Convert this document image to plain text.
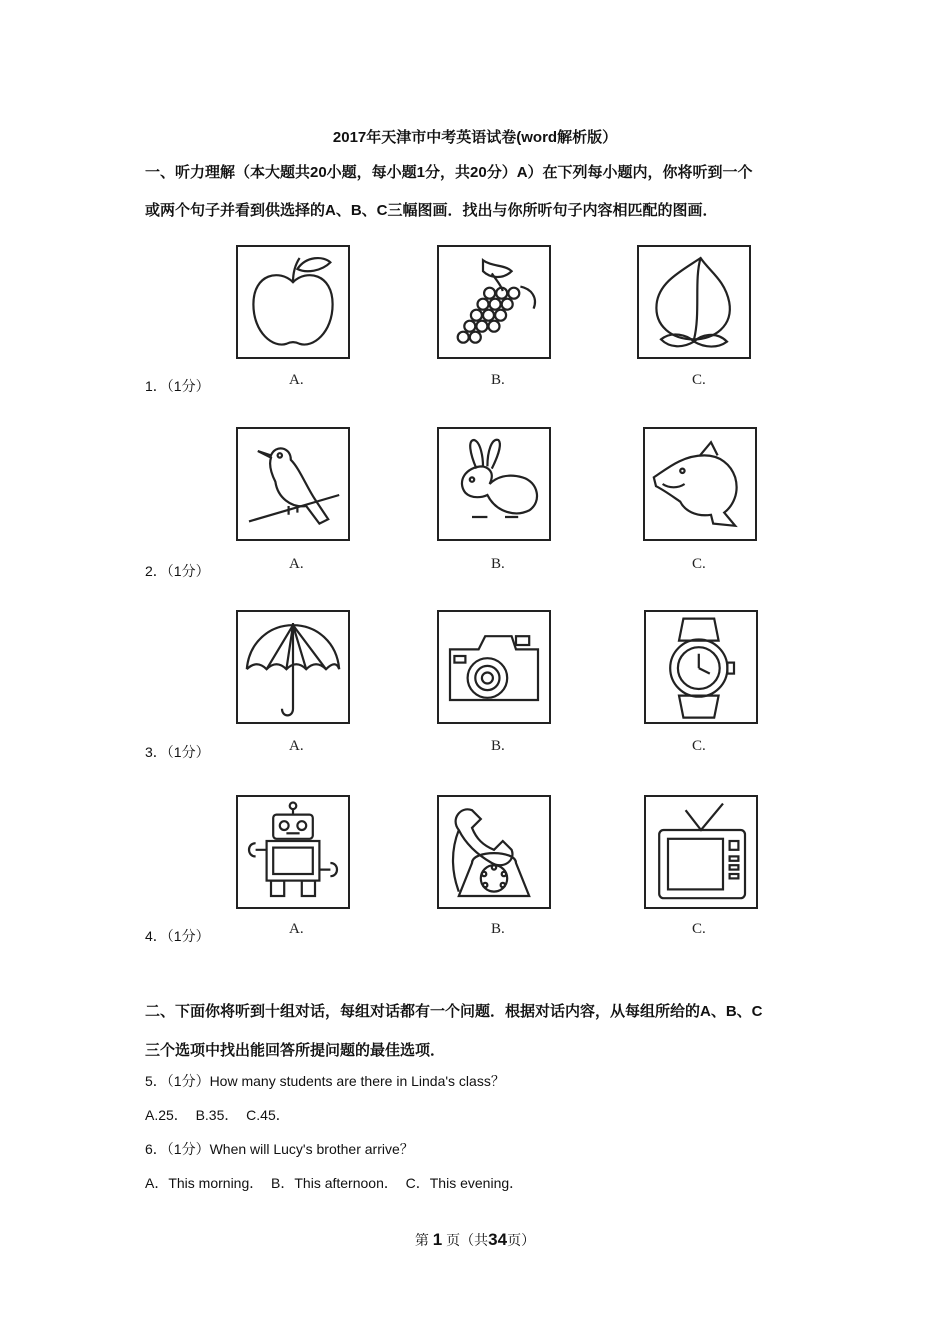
2017年天津市中考英语试卷(word解析版）
一、听力理解（本大题共20小题，每小题1分，共20分）A）在下列每小题内，你将听到一个
或两个句子并看到供选择的A、B、C三幅图画．找出与你所听句子内容相匹配的图画．
1．（1分）	A.	B.	C.
2．（1分）	A.	B.	C.
3．（1分）	A.	B.	C.
4．（1分）	A.	B.	C.
二、下面你将听到十组对话，每组对话都有一个问题．根据对话内容，从每组所给的A、B、C
三个选项中找出能回答所提问题的最佳选项．
5．（1分）How many students are there in Linda's class？
A.25．  B.35．  C.45．
6．（1分）When will Lucy's brother arrive？
A．This morning．  B．This afternoon．  C．This evening．
第 1 页（共34页）
